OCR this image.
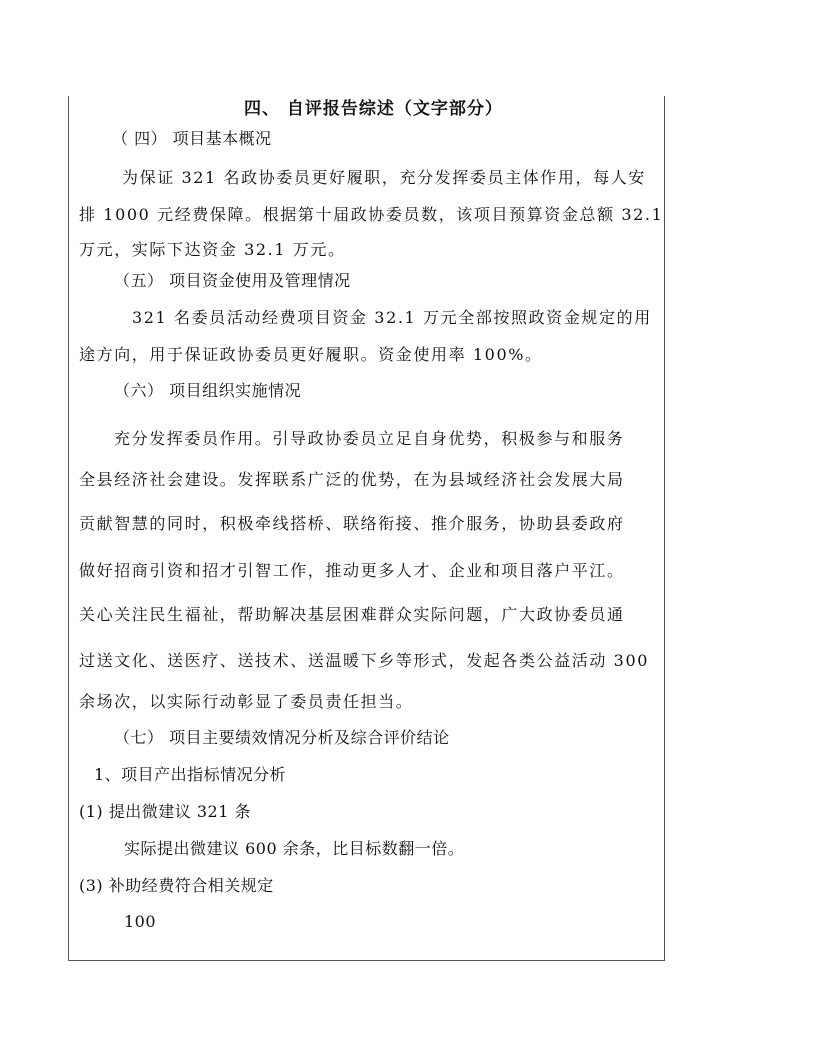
四、 自评报告综述（文字部分）
（ 四） 项目基本概况
为保证 321 名政协委员更好履职，充分发挥委员主体作用，每人安
排 1000 元经费保障。根据第十届政协委员数，该项目预算资金总额 32.1
万元，实际下达资金 32.1 万元。
（五） 项目资金使用及管理情况
321 名委员活动经费项目资金 32.1 万元全部按照政资金规定的用
途方向，用于保证政协委员更好履职。资金使用率 100%。
（六） 项目组织实施情况
充分发挥委员作用。引导政协委员立足自身优势，积极参与和服务
全县经济社会建设。发挥联系广泛的优势，在为县域经济社会发展大局
贡献智慧的同时，积极牵线搭桥、联络衔接、推介服务，协助县委政府
做好招商引资和招才引智工作，推动更多人才、企业和项目落户平江。
关心关注民生福祉，帮助解决基层困难群众实际问题，广大政协委员通
过送文化、送医疗、送技术、送温暖下乡等形式，发起各类公益活动 300
余场次，以实际行动彰显了委员责任担当。
（七） 项目主要绩效情况分析及综合评价结论
1、项目产出指标情况分析
(1) 提出微建议 321 条
实际提出微建议 600 余条，比目标数翻一倍。
(3) 补助经费符合相关规定
100
